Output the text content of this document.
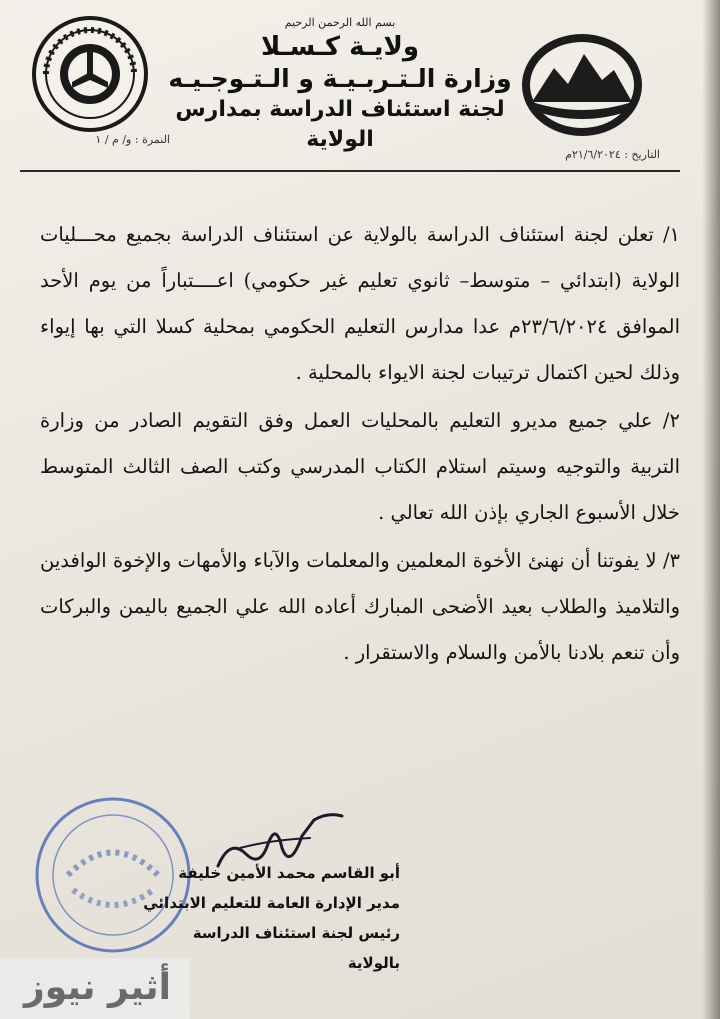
بسم الله الرحمن الرحيم
ولايـة كـسـلا
وزارة الـتـربـيـة و الـتـوجـيـه
لجنة استئناف الدراسة بمدارس الولاية
النمرة : و/ م / ١
التاريخ : ٢١/٦/٢٠٢٤م

١/ تعلن لجنة استئناف الدراسة بالولاية عن استئناف الدراسة بجميع محـــليات الولاية (ابتدائي – متوسط– ثانوي تعليم غير حكومي) اعــــتباراً من يوم الأحد الموافق ٢٣/٦/٢٠٢٤م عدا مدارس التعليم الحكومي بمحلية كسلا التي بها إيواء وذلك لحين اكتمال ترتيبات لجنة الايواء بالمحلية .

٢/ علي جميع مديرو التعليم بالمحليات العمل وفق التقويم الصادر من وزارة التربية والتوجيه وسيتم استلام الكتاب المدرسي وكتب الصف الثالث المتوسط خلال الأسبوع الجاري بإذن الله تعالي .

٣/ لا يفوتنا أن نهنئ الأخوة المعلمين والمعلمات والآباء والأمهات والإخوة الوافدين والتلاميذ والطلاب بعيد الأضحى المبارك أعاده الله علي الجميع باليمن والبركات وأن تنعم بلادنا بالأمن والسلام والاستقرار .

أبو القاسم محمد الأمين خليفة
مدير الإدارة العامة للتعليم الابتدائي
رئيس لجنة استئناف الدراسة بالولاية
أثير نيوز
